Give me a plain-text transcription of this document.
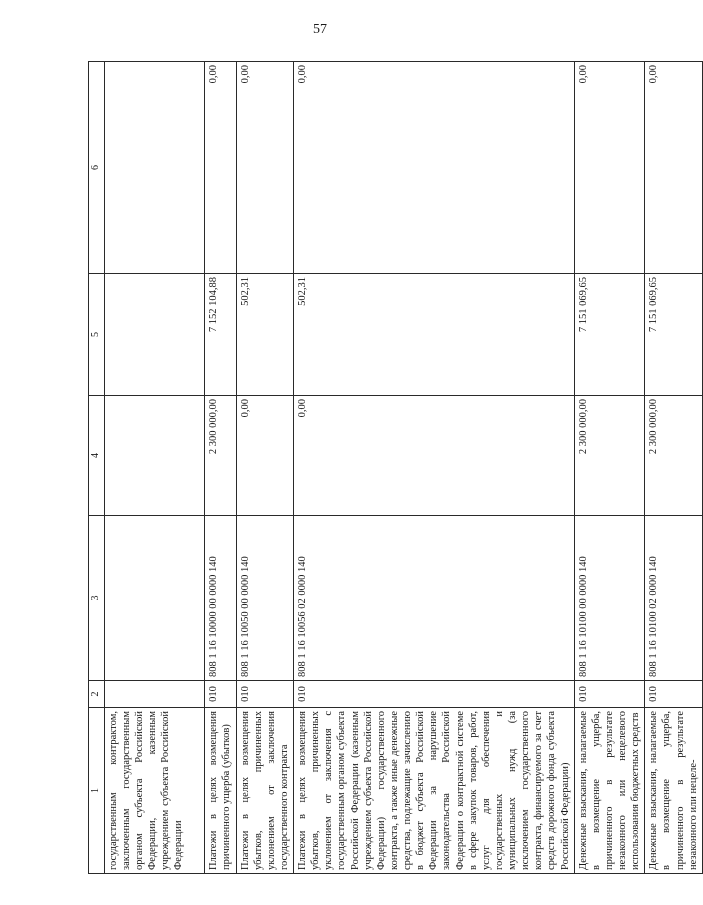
57
1	2	3	4	5	6
государственным контрактом, заключенным государственным органом субъекта Российской Федерации, казенным учреждением субъекта Российской Федерации					
Платежи в целях возмещения причиненного ущерба (убытков)	010	808 1 16 10000 00 0000 140	2 300 000,00	7 152 104,88	0,00
Платежи в целях возмещения убытков, причиненных уклонением от заключения государственного контракта	010	808 1 16 10050 00 0000 140	0,00	502,31	0,00
Платежи в целях возмещения убытков, причиненных уклонением от заключения с государственным органом субъекта Российской Федерации (казенным учреждением субъекта Российской Федерации) государственного контракта, а также иные денежные средства, подлежащие зачислению в бюджет субъекта Российской Федерации за нарушение законодательства Российской Федерации о контрактной системе в сфере закупок товаров, работ, услуг для обеспечения государственных и муниципальных нужд (за исключением государственного контракта, финансируемого за счет средств дорожного фонда субъекта Российской Федерации)	010	808 1 16 10056 02 0000 140	0,00	502,31	0,00
Денежные взыскания, налагаемые в возмещение ущерба, причиненного в результате незаконного или нецелевого использования бюджетных средств	010	808 1 16 10100 00 0000 140	2 300 000,00	7 151 069,65	0,00
Денежные взыскания, налагаемые в возмещение ущерба, причиненного в результате незаконного или нецеле-	010	808 1 16 10100 02 0000 140	2 300 000,00	7 151 069,65	0,00
